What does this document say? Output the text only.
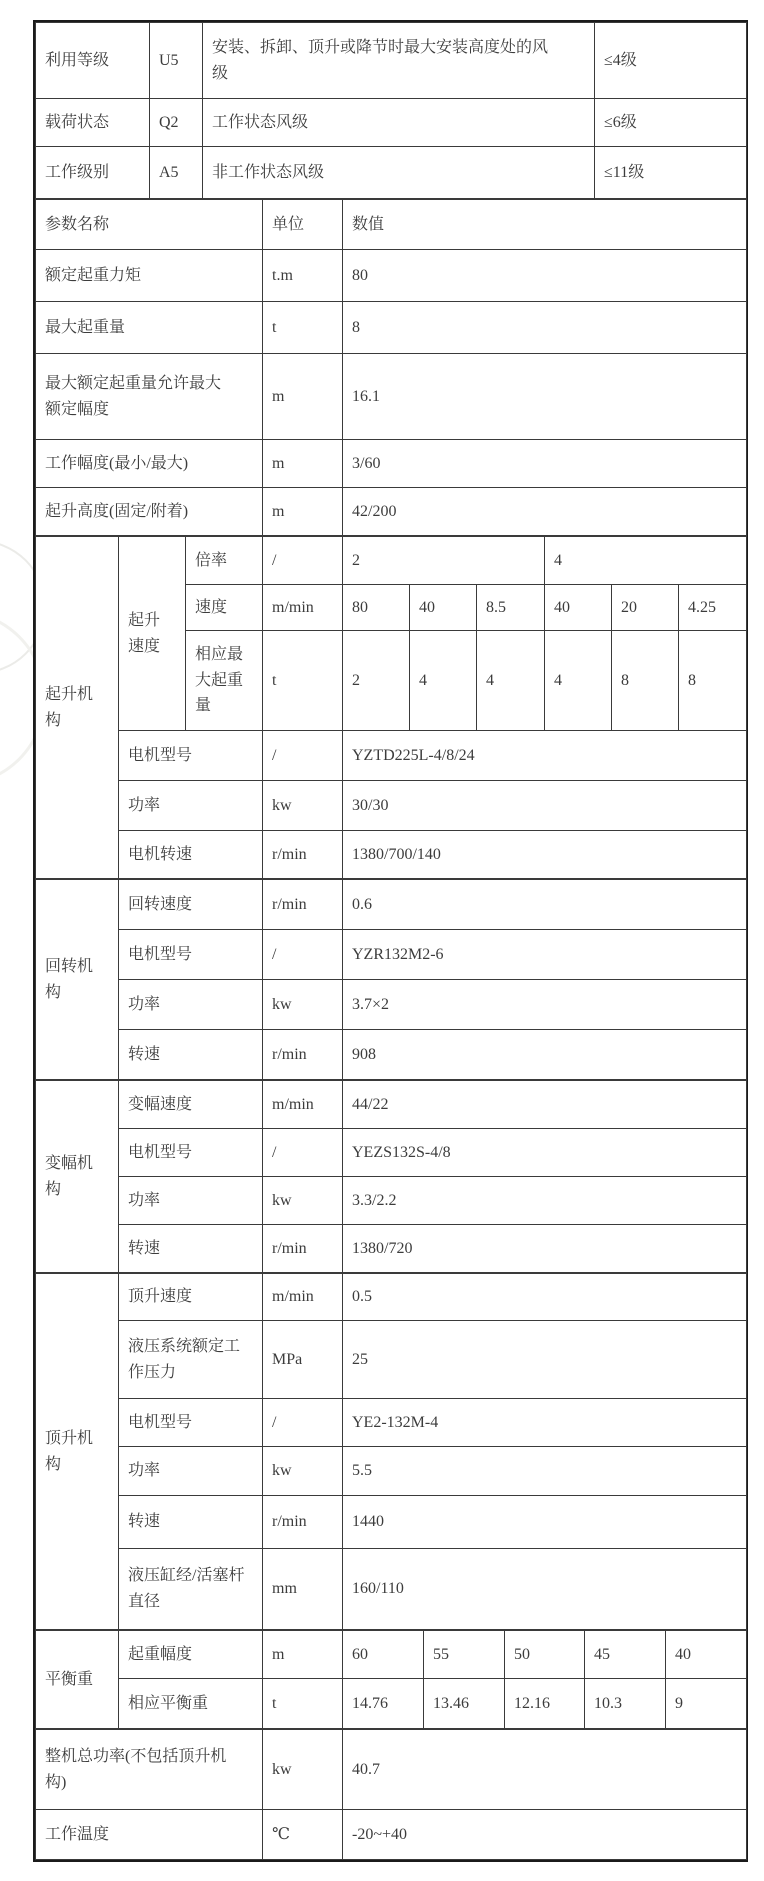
利用等级	U5	安装、拆卸、顶升或降节时最大安装高度处的风级	≤4级
载荷状态	Q2	工作状态风级	≤6级
工作级别	A5	非工作状态风级	≤11级
参数名称	单位	数值
额定起重力矩	t.m	80
最大起重量	t	8
最大额定起重量允许最大额定幅度	m	16.1
工作幅度(最小/最大)	m	3/60
起升高度(固定/附着)	m	42/200
起升机构	起升速度	倍率	/	2			4		
		速度	m/min	80	40	8.5	40	20	4.25
		相应最大起重量	t	2	4	4	4	8	8
	电机型号		/	YZTD225L-4/8/24					
	功率		kw	30/30					
	电机转速		r/min	1380/700/140					
回转机构	回转速度	r/min	0.6
	电机型号	/	YZR132M2-6
	功率	kw	3.7×2
	转速	r/min	908
变幅机构	变幅速度	m/min	44/22
	电机型号	/	YEZS132S-4/8
	功率	kw	3.3/2.2
	转速	r/min	1380/720
顶升机构	顶升速度	m/min	0.5
	液压系统额定工作压力	MPa	25
	电机型号	/	YE2-132M-4
	功率	kw	5.5
	转速	r/min	1440
	液压缸经/活塞杆直径	mm	160/110
平衡重	起重幅度	m	60	55	50	45	40
	相应平衡重	t	14.76	13.46	12.16	10.3	9
整机总功率(不包括顶升机构)	kw	40.7
工作温度	℃	-20~+40
